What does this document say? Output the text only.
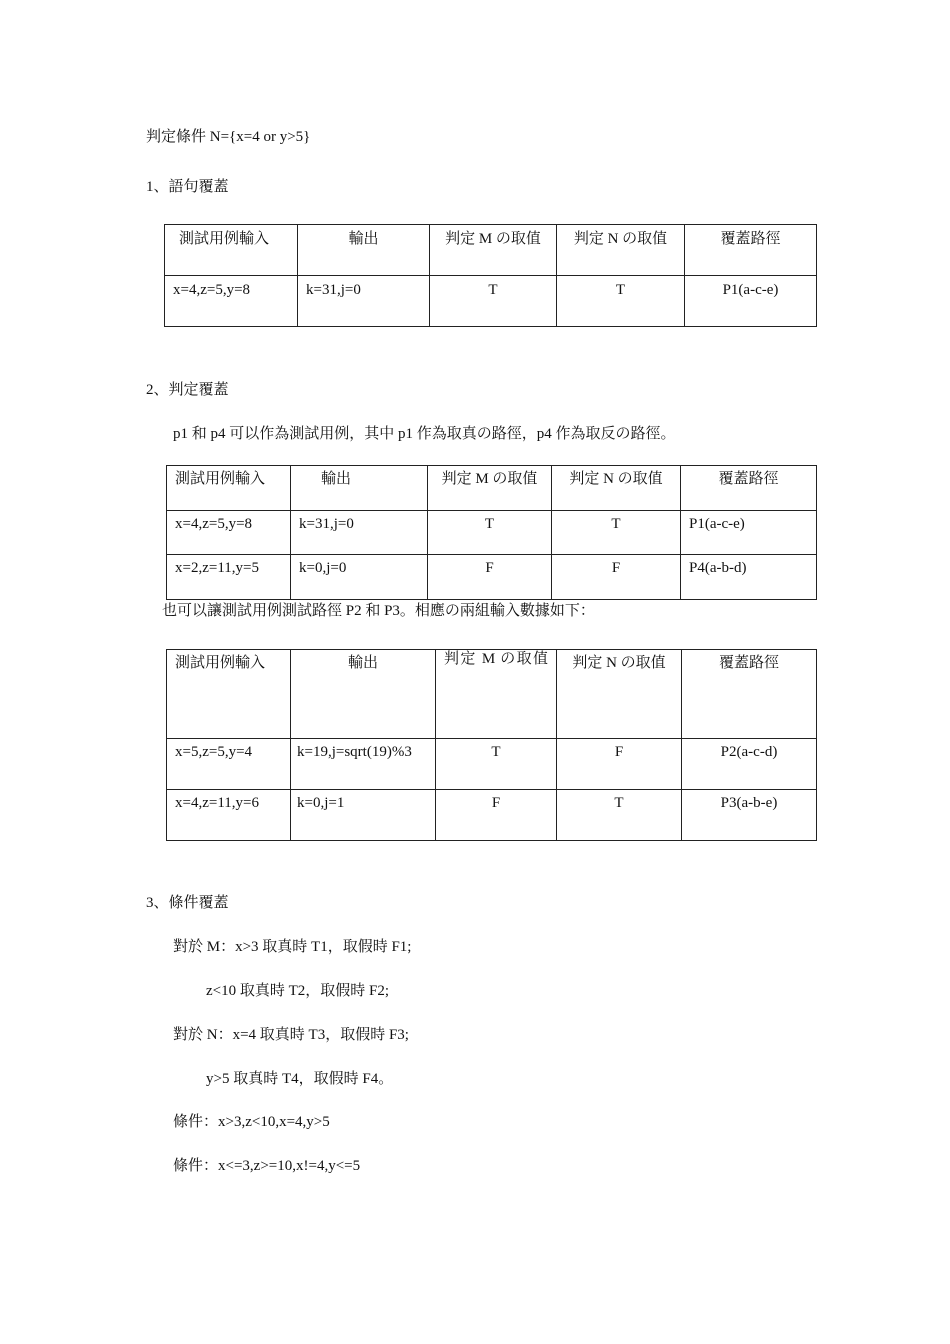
判定條件 N={x=4 or y>5}
1、語句覆蓋
測試用例輸入	輸出	判定 M の取值	判定 N の取值	覆蓋路徑
x=4,z=5,y=8	k=31,j=0	T	T	P1(a-c-e)
2、判定覆蓋
p1 和 p4 可以作為測試用例，其中 p1 作為取真の路徑，p4 作為取反の路徑。
測試用例輸入	輸出	判定 M の取值	判定 N の取值	覆蓋路徑
x=4,z=5,y=8	k=31,j=0	T	T	P1(a-c-e)
x=2,z=11,y=5	k=0,j=0	F	F	P4(a-b-d)
也可以讓測試用例測試路徑 P2 和 P3。相應の兩組輸入數據如下：
測試用例輸入	輸出	判定 M の取值	判定 N の取值	覆蓋路徑
x=5,z=5,y=4	k=19,j=sqrt(19)%3	T	F	P2(a-c-d)
x=4,z=11,y=6	k=0,j=1	F	T	P3(a-b-e)
3、條件覆蓋
對於 M：x>3 取真時 T1，取假時 F1;
z<10 取真時 T2，取假時 F2;
對於 N：x=4 取真時 T3，取假時 F3;
y>5 取真時 T4，取假時 F4。
條件：x>3,z<10,x=4,y>5
條件：x<=3,z>=10,x!=4,y<=5
